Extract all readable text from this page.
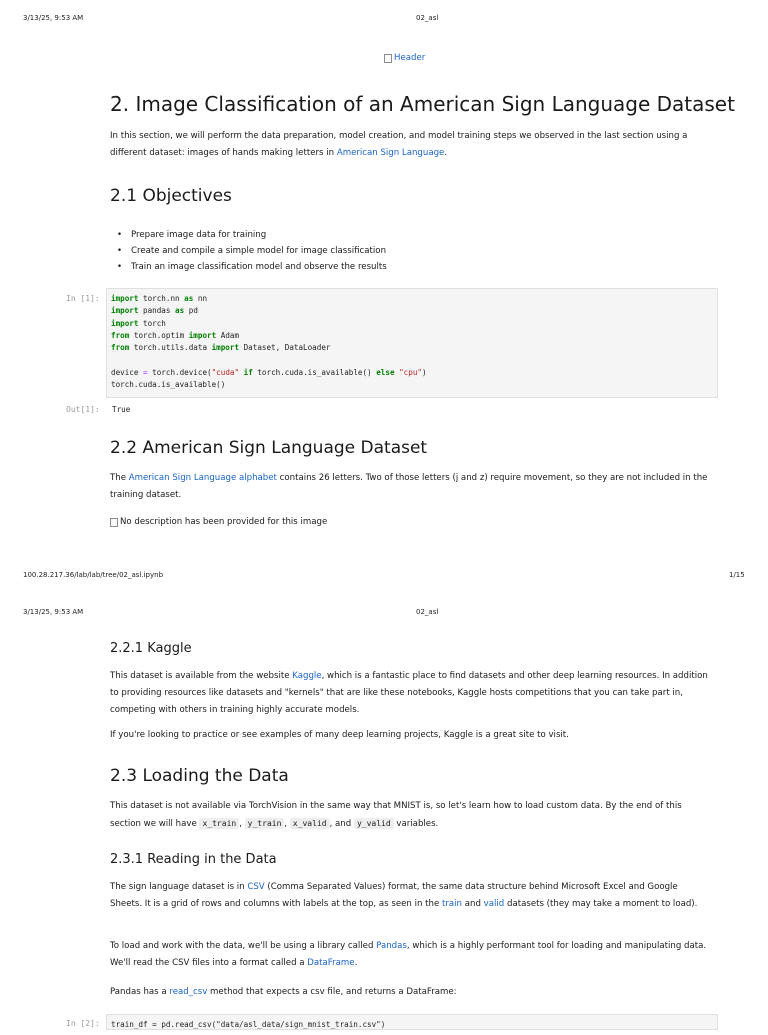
3/13/25, 9:53 AM	02_asl
Header
2. Image Classification of an American Sign Language Dataset

In this section, we will perform the data preparation, model creation, and model training steps we observed in the last section using a different dataset: images of hands making letters in American Sign Language.

2.1 Objectives
• Prepare image data for training
• Create and compile a simple model for image classification
• Train an image classification model and observe the results
In [1]:	import torch.nn as nn
import pandas as pd
import torch
from torch.optim import Adam
from torch.utils.data import Dataset, DataLoader

device = torch.device("cuda" if torch.cuda.is_available() else "cpu")
torch.cuda.is_available()
Out[1]: True
2.2 American Sign Language Dataset

The American Sign Language alphabet contains 26 letters. Two of those letters (j and z) require movement, so they are not included in the training dataset.

No description has been provided for this image
100.28.217.36/lab/lab/tree/02_asl.ipynb	1/15
3/13/25, 9:53 AM	02_asl
2.2.1 Kaggle

This dataset is available from the website Kaggle, which is a fantastic place to find datasets and other deep learning resources. In addition to providing resources like datasets and "kernels" that are like these notebooks, Kaggle hosts competitions that you can take part in, competing with others in training highly accurate models.

If you're looking to practice or see examples of many deep learning projects, Kaggle is a great site to visit.

2.3 Loading the Data

This dataset is not available via TorchVision in the same way that MNIST is, so let's learn how to load custom data. By the end of this section we will have x_train , y_train , x_valid , and y_valid variables.

2.3.1 Reading in the Data

The sign language dataset is in CSV (Comma Separated Values) format, the same data structure behind Microsoft Excel and Google Sheets. It is a grid of rows and columns with labels at the top, as seen in the train and valid datasets (they may take a moment to load).

To load and work with the data, we'll be using a library called Pandas, which is a highly performant tool for loading and manipulating data. We'll read the CSV files into a format called a DataFrame.

Pandas has a read_csv method that expects a csv file, and returns a DataFrame:

In [2]:	train_df = pd.read_csv("data/asl_data/sign_mnist_train.csv")
